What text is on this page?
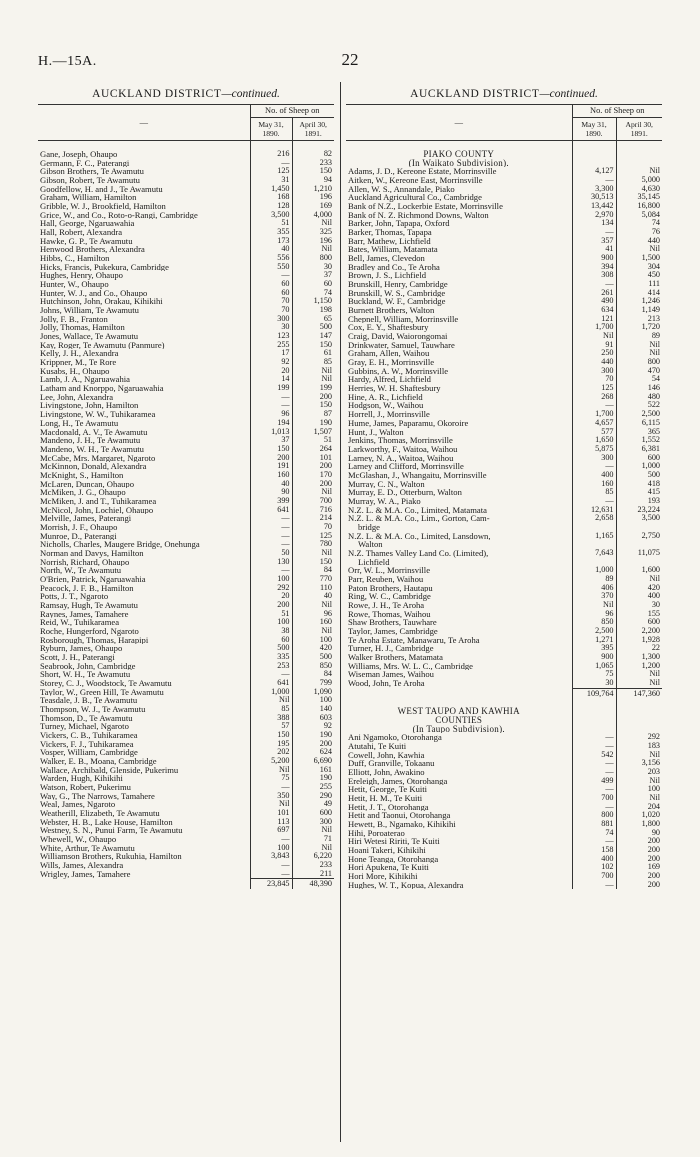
H.—15A.	22
AUCKLAND DISTRICT—continued.
—	No. of Sheep on	
	May 31,
1890.	April 30,
1891.

Gane, Joseph, Ohaupo	216	82
Germann, F. C., Paterangi	—	233
Gibson Brothers, Te Awamutu	125	150
Gibson, Robert, Te Awamutu	31	94
Goodfellow, H. and J., Te Awamutu	1,450	1,210
Graham, William, Hamilton	168	196
Gribble, W. J., Brookfield, Hamilton	128	169
Grice, W., and Co., Roto-o-Rangi, Cambridge	3,500	4,000
Hall, George, Ngaruawahia	51	Nil
Hall, Robert, Alexandra	355	325
Hawke, G. P., Te Awamutu	173	196
Henwood Brothers, Alexandra	40	Nil
Hibbs, C., Hamilton	556	800
Hicks, Francis, Pukekura, Cambridge	550	30
Hughes, Henry, Ohaupo	—	37
Hunter, W., Ohaupo	60	60
Hunter, W. J., and Co., Ohaupo	60	74
Hutchinson, John, Orakau, Kihikihi	70	1,150
Johns, William, Te Awamutu	70	198
Jolly, F. B., Franton	300	65
Jolly, Thomas, Hamilton	30	500
Jones, Wallace, Te Awamutu	123	147
Kay, Roger, Te Awamutu (Panmure)	255	150
Kelly, J. H., Alexandra	17	61
Krippner, M., Te Rore	92	85
Kusabs, H., Ohaupo	20	Nil
Lamb, J. A., Ngaruawahia	14	Nil
Latham and Knorppo, Ngaruawahia	199	199
Lee, John, Alexandra	—	200
Livingstone, John, Hamilton	—	150
Livingstone, W. W., Tuhikaramea	96	87
Long, H., Te Awamutu	194	190
Macdonald, A. V., Te Awamutu	1,013	1,507
Mandeno, J. H., Te Awamutu	37	51
Mandeno, W. H., Te Awamutu	150	264
McCabe, Mrs. Margaret, Ngaroto	200	101
McKinnon, Donald, Alexandra	191	200
McKnight, S., Hamilton	160	170
McLaren, Duncan, Ohaupo	40	200
McMiken, J. G., Ohaupo	90	Nil
McMiken, J. and T., Tuhikaramea	399	700
McNicol, John, Lochiel, Ohaupo	641	716
Melville, James, Paterangi	—	214
Morrish, J. F., Ohaupo	—	70
Munroe, D., Paterangi	—	125
Nicholls, Charles, Maugere Bridge, Onehunga	—	780
Norman and Davys, Hamilton	50	Nil
Norrish, Richard, Ohaupo	130	150
North, W., Te Awamutu	—	84
O'Brien, Patrick, Ngaruawahia	100	770
Peacock, J. F. B., Hamilton	292	110
Potts, J. T., Ngaroto	20	40
Ramsay, Hugh, Te Awamutu	200	Nil
Raynes, James, Tamahere	51	96
Reid, W., Tuhikaramea	100	160
Roche, Hungerford, Ngaroto	38	Nil
Rosborough, Thomas, Harapipi	60	100
Ryburn, James, Ohaupo	500	420
Scott, J. H., Paterangi	335	500
Seabrook, John, Cambridge	253	850
Short, W. H., Te Awamutu	—	84
Storey, C. J., Woodstock, Te Awamutu	641	799
Taylor, W., Green Hill, Te Awamutu	1,000	1,090
Teasdale, J. B., Te Awamutu	Nil	100
Thompson, W. J., Te Awamutu	85	140
Thomson, D., Te Awamutu	388	603
Turney, Michael, Ngaroto	57	92
Vickers, C. B., Tuhikaramea	150	190
Vickers, F. J., Tuhikaramea	195	200
Vosper, William, Cambridge	202	624
Walker, E. B., Moana, Cambridge	5,200	6,690
Wallace, Archibald, Glenside, Pukerimu	Nil	161
Warden, Hugh, Kihikihi	75	190
Watson, Robert, Pukerimu	—	255
Way, G., The Narrows, Tamahere	350	290
Weal, James, Ngaroto	Nil	49
Weatherill, Elizabeth, Te Awamutu	101	600
Webster, H. B., Lake House, Hamilton	113	300
Westney, S. N., Punui Farm, Te Awamutu	697	Nil
Whewell, W., Ohaupo	—	71
White, Arthur, Te Awamutu	100	Nil
Williamson Brothers, Rukuhia, Hamilton	3,843	6,220
Wills, James, Alexandra	—	233
Wrigley, James, Tamahere	—	211
	23,845	48,390
AUCKLAND DISTRICT—continued.
—	No. of Sheep on	
	May 31,
1890.	April 30,
1891.

PIAKO COUNTY		
(In Waikato Subdivision).		
Adams, J. D., Kereone Estate, Morrinsville	4,127	Nil
Aitken, W., Kereone East, Morrinsville	—	5,000
Allen, W. S., Annandale, Piako	3,300	4,630
Auckland Agricultural Co., Cambridge	30,513	35,145
Bank of N.Z., Lockerbie Estate, Morrinsville	13,442	16,800
Bank of N. Z. Richmond Downs, Walton	2,970	5,084
Barker, John, Tapapa, Oxford	134	74
Barker, Thomas, Tapapa	—	76
Barr, Mathew, Lichfield	357	440
Bates, William, Matamata	41	Nil
Bell, James, Clevedon	900	1,500
Bradley and Co., Te Aroha	394	304
Brown, J. S., Lichfield	308	450
Brunskill, Henry, Cambridge	—	111
Brunskill, W. S., Cambridge	261	414
Buckland, W. F., Cambridge	490	1,246
Burnett Brothers, Walton	634	1,149
Chepnell, William, Morrinsville	121	213
Cox, E. Y., Shaftesbury	1,700	1,720
Craig, David, Waiorongomai	Nil	89
Drinkwater, Samuel, Tauwhare	91	Nil
Graham, Allen, Waihou	250	Nil
Gray, E. H., Morrinsville	440	800
Gubbins, A. W., Morrinsville	300	470
Hardy, Alfred, Lichfield	70	54
Herries, W. H. Shaftesbury	125	146
Hine, A. R., Lichfield	268	480
Hodgson, W., Waihou	—	522
Horrell, J., Morrinsville	1,700	2,500
Hume, James, Paparamu, Okoroire	4,657	6,115
Hunt, J., Walton	577	365
Jenkins, Thomas, Morrinsville	1,650	1,552
Larkworthy, F., Waitoa, Waihou	5,875	6,381
Larney, N. A., Waitoa, Waihou	300	600
Larney and Clifford, Morrinsville	—	1,000
McGlashan, J., Whangaitu, Morrinsville	400	500
Murray, C. N., Walton	160	418
Murray, E. D., Otterburn, Walton	85	415
Murray, W. A., Piako	—	193
N.Z. L. & M.A. Co., Limited, Matamata	12,631	23,224
N.Z. L. & M.A. Co., Lim., Gorton, Cam-	2,658	3,500
bridge		
N.Z. L. & M.A. Co., Limited, Lansdown,	1,165	2,750
Walton		
N.Z. Thames Valley Land Co. (Limited),	7,643	11,075
Lichfield		
Orr, W. L., Morrinsville	1,000	1,600
Parr, Reuben, Waihou	89	Nil
Paton Brothers, Hautapu	406	420
Ring, W. C., Cambridge	370	400
Rowe, J. H., Te Aroha	Nil	30
Rowe, Thomas, Waihou	96	155
Shaw Brothers, Tauwhare	850	600
Taylor, James, Cambridge	2,500	2,200
Te Aroha Estate, Manawaru, Te Aroha	1,271	1,928
Turner, H. J., Cambridge	395	22
Walker Brothers, Matamata	900	1,300
Williams, Mrs. W. L. C., Cambridge	1,065	1,200
Wiseman James, Waihou	75	Nil
Wood, John, Te Aroha	30	Nil
	109,764	147,360

WEST TAUPO AND KAWHIA		
COUNTIES		
(In Taupo Subdivision).		
Ani Ngamoko, Otorohanga	—	292
Atutahi, Te Kuiti	—	183
Cowell, John, Kawhia	542	Nil
Duff, Granville, Tokaanu	—	3,156
Elliott, John, Awakino	—	203
Ereleigh, James, Otorohanga	499	Nil
Hetit, George, Te Kuiti	—	100
Hetit, H. M., Te Kuiti	700	Nil
Hetit, J. T., Otorohanga	—	204
Hetit and Taonui, Otorohanga	800	1,020
Hewett, B., Ngamako, Kihikihi	881	1,800
Hihi, Poroaterao	74	90
Hiri Wetesi Ririti, Te Kuiti	—	200
Hoani Takeri, Kihikihi	158	200
Hone Teanga, Otorohanga	400	200
Hori Apukena, Te Kuiti	102	169
Hori More, Kihikihi	700	200
Hughes, W. T., Kopua, Alexandra	—	200
